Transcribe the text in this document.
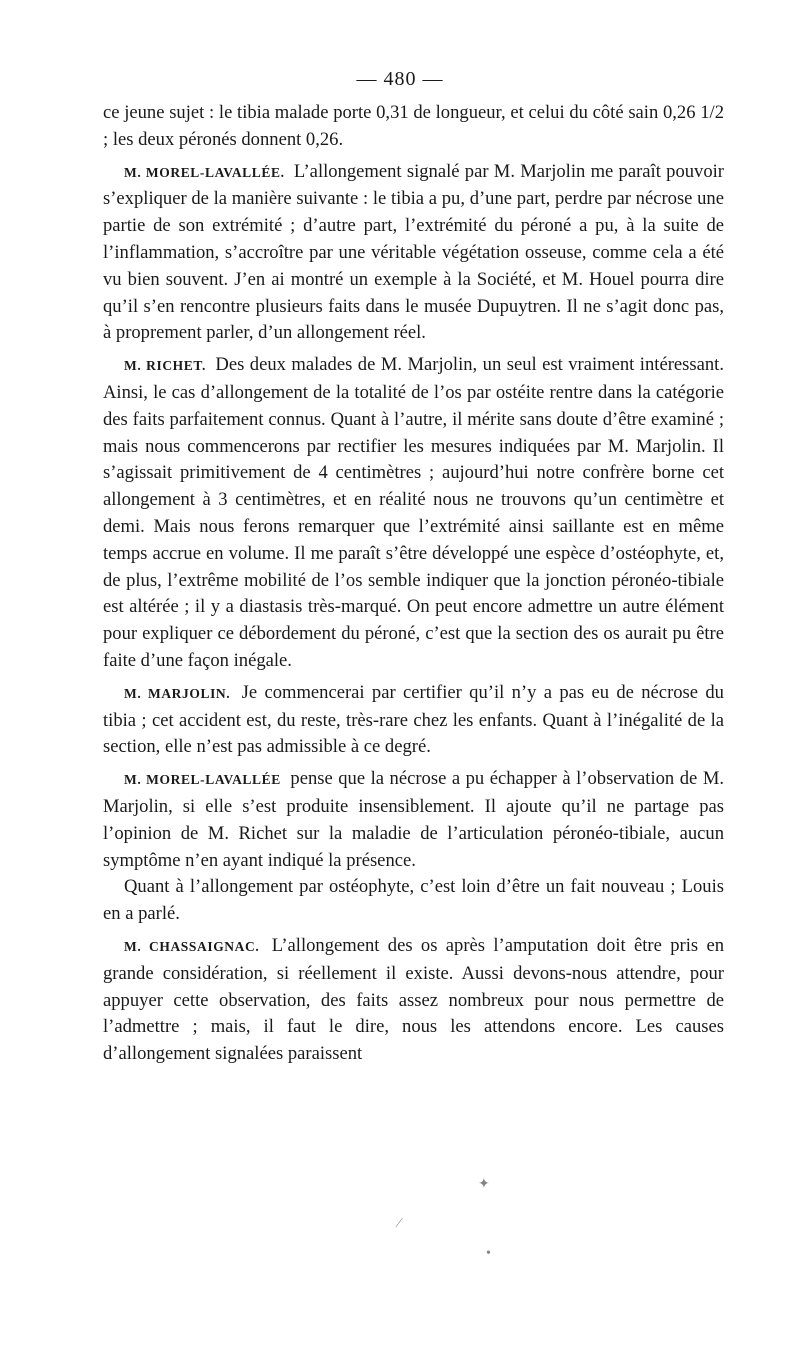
— 480 —

ce jeune sujet : le tibia malade porte 0,31 de longueur, et celui du côté sain 0,26 1/2 ; les deux péronés donnent 0,26.

M. MOREL-LAVALLÉE. L’allongement signalé par M. Marjolin me paraît pouvoir s’expliquer de la manière suivante : le tibia a pu, d’une part, perdre par nécrose une partie de son extrémité ; d’autre part, l’extrémité du péroné a pu, à la suite de l’inflammation, s’accroître par une véritable végétation osseuse, comme cela a été vu bien souvent. J’en ai montré un exemple à la Société, et M. Houel pourra dire qu’il s’en rencontre plusieurs faits dans le musée Dupuytren. Il ne s’agit donc pas, à proprement parler, d’un allongement réel.

M. RICHET. Des deux malades de M. Marjolin, un seul est vraiment intéressant. Ainsi, le cas d’allongement de la totalité de l’os par ostéite rentre dans la catégorie des faits parfaitement connus. Quant à l’autre, il mérite sans doute d’être examiné ; mais nous commencerons par rectifier les mesures indiquées par M. Marjolin. Il s’agissait primitivement de 4 centimètres ; aujourd’hui notre confrère borne cet allongement à 3 centimètres, et en réalité nous ne trouvons qu’un centimètre et demi. Mais nous ferons remarquer que l’extrémité ainsi saillante est en même temps accrue en volume. Il me paraît s’être développé une espèce d’ostéophyte, et, de plus, l’extrême mobilité de l’os semble indiquer que la jonction péronéo-tibiale est altérée ; il y a diastasis très-marqué. On peut encore admettre un autre élément pour expliquer ce débordement du péroné, c’est que la section des os aurait pu être faite d’une façon inégale.

M. MARJOLIN. Je commencerai par certifier qu’il n’y a pas eu de nécrose du tibia ; cet accident est, du reste, très-rare chez les enfants. Quant à l’inégalité de la section, elle n’est pas admissible à ce degré.

M. MOREL-LAVALLÉE pense que la nécrose a pu échapper à l’observation de M. Marjolin, si elle s’est produite insensiblement. Il ajoute qu’il ne partage pas l’opinion de M. Richet sur la maladie de l’articulation péronéo-tibiale, aucun symptôme n’en ayant indiqué la présence.

Quant à l’allongement par ostéophyte, c’est loin d’être un fait nouveau ; Louis en a parlé.

M. CHASSAIGNAC. L’allongement des os après l’amputation doit être pris en grande considération, si réellement il existe. Aussi devons-nous attendre, pour appuyer cette observation, des faits assez nombreux pour nous permettre de l’admettre ; mais, il faut le dire, nous les attendons encore. Les causes d’allongement signalées paraissent

✦
⁄
•
